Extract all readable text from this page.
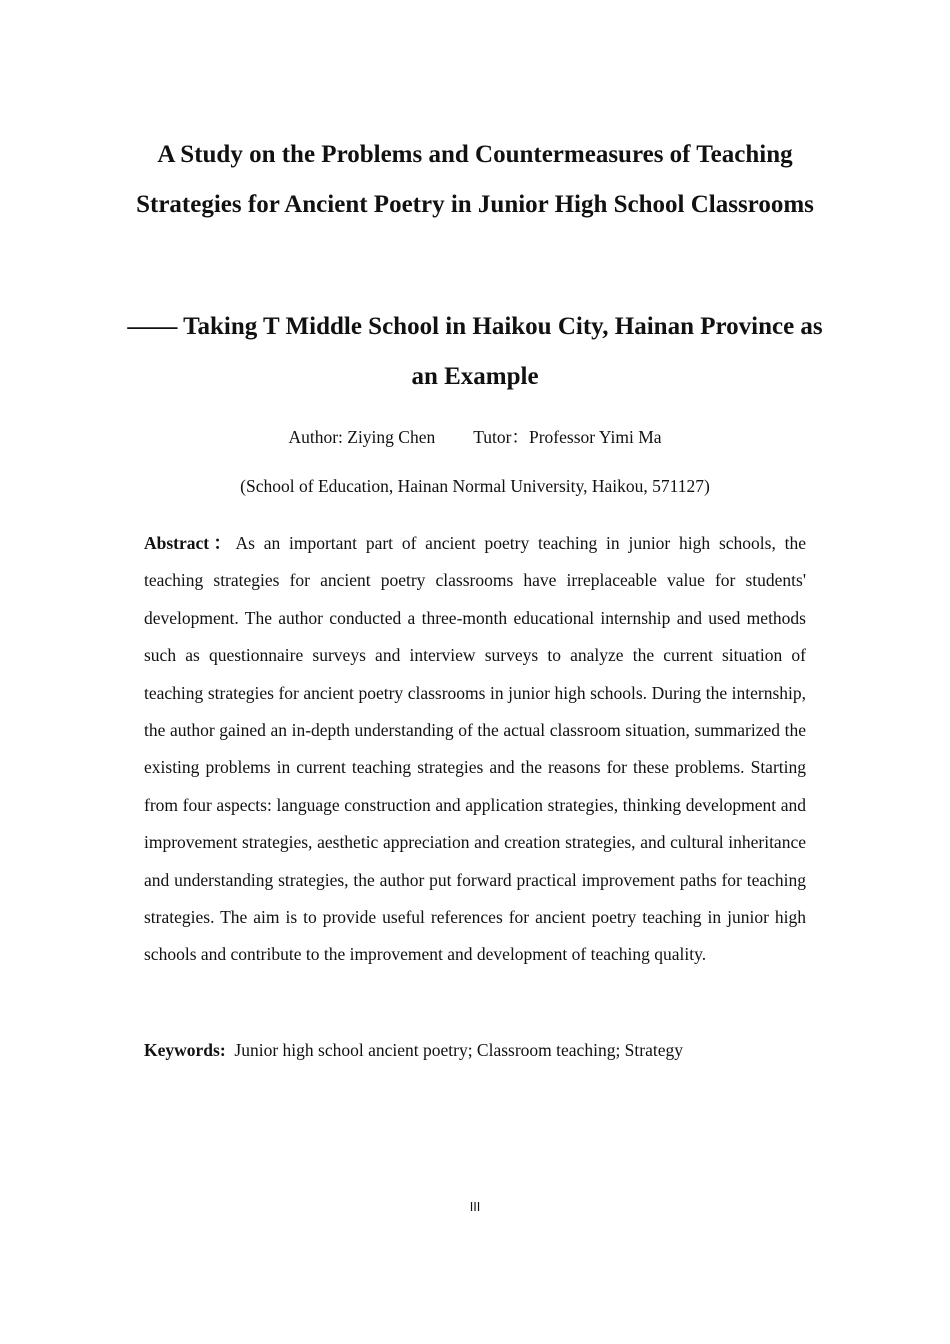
A Study on the Problems and Countermeasures of Teaching Strategies for Ancient Poetry in Junior High School Classrooms
—— Taking T Middle School in Haikou City, Hainan Province as an Example
Author: Ziying Chen Tutor：Professor Yimi Ma
(School of Education, Hainan Normal University, Haikou, 571127)

Abstract：As an important part of ancient poetry teaching in junior high schools, the teaching strategies for ancient poetry classrooms have irreplaceable value for students' development. The author conducted a three-month educational internship and used methods such as questionnaire surveys and interview surveys to analyze the current situation of teaching strategies for ancient poetry classrooms in junior high schools. During the internship, the author gained an in-depth understanding of the actual classroom situation, summarized the existing problems in current teaching strategies and the reasons for these problems. Starting from four aspects: language construction and application strategies, thinking development and improvement strategies, aesthetic appreciation and creation strategies, and cultural inheritance and understanding strategies, the author put forward practical improvement paths for teaching strategies. The aim is to provide useful references for ancient poetry teaching in junior high schools and contribute to the improvement and development of teaching quality.

Keywords: Junior high school ancient poetry; Classroom teaching; Strategy

III
